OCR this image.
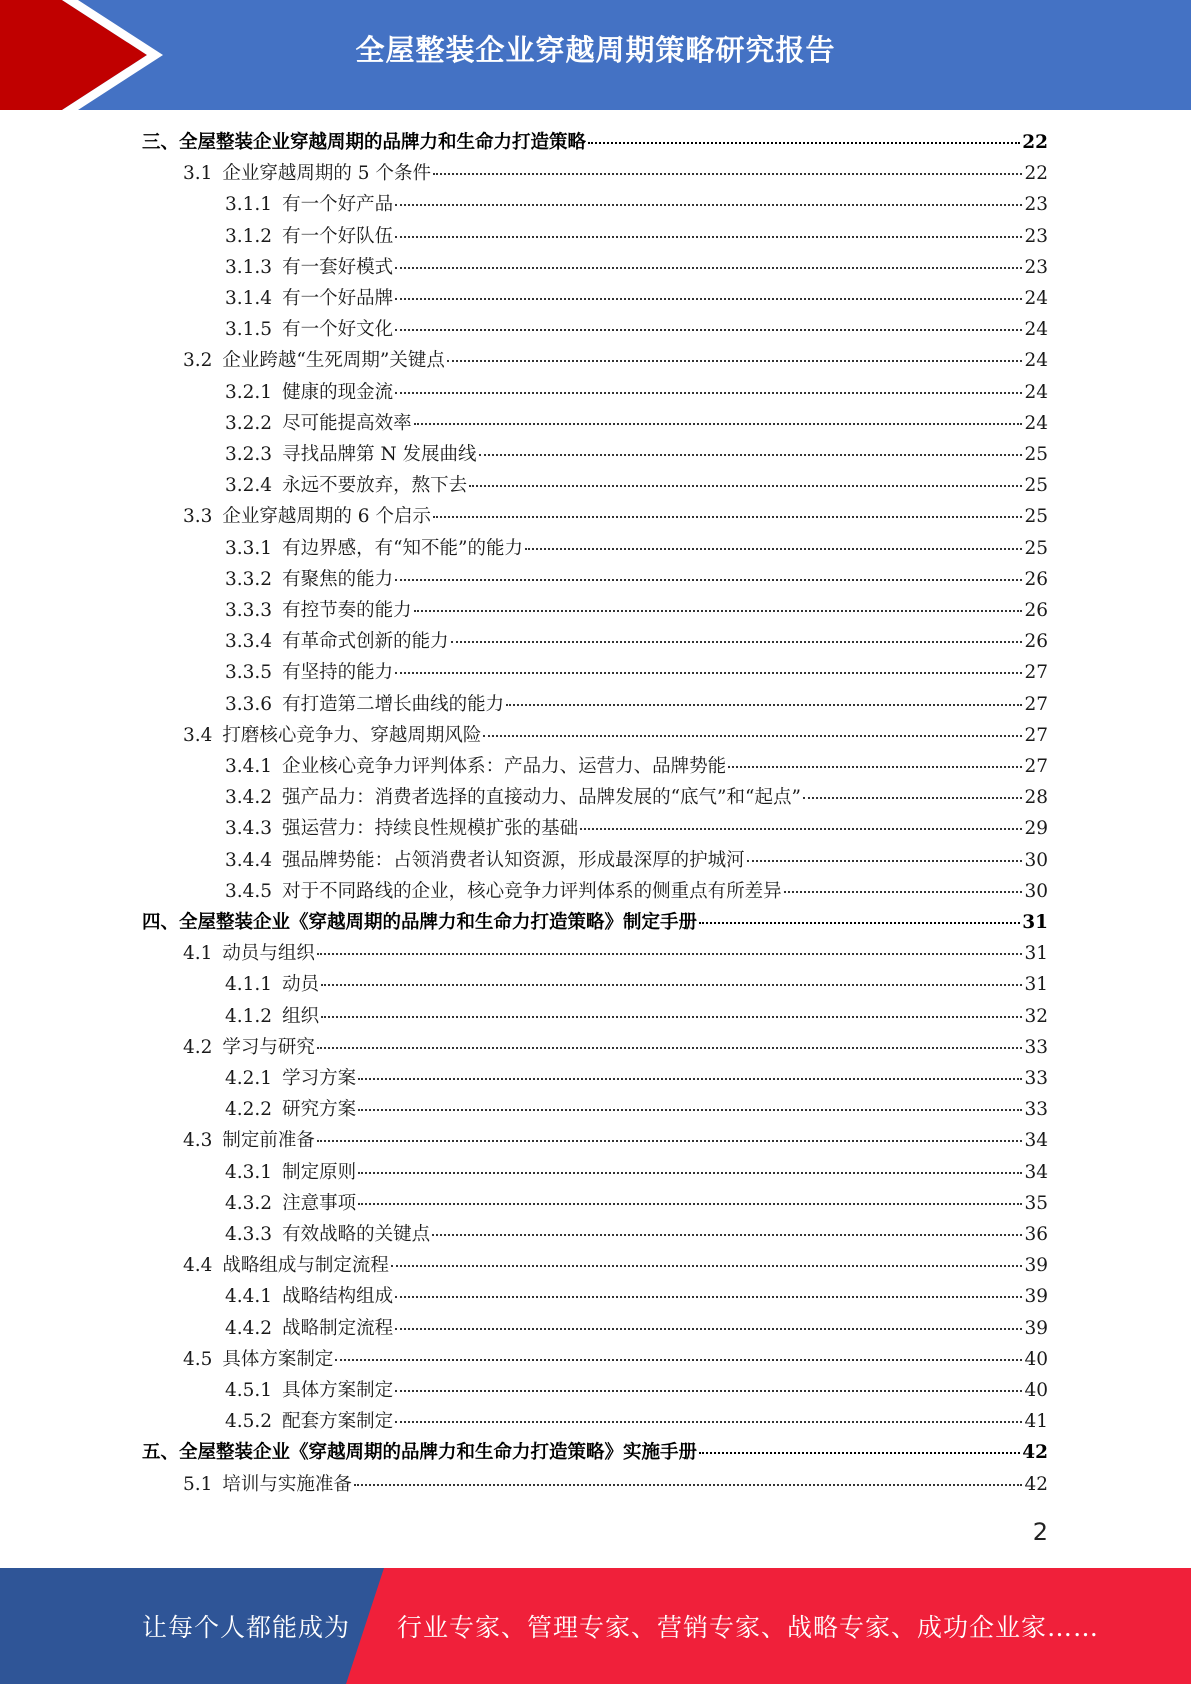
全屋整装企业穿越周期策略研究报告
三、 全屋整装企业穿越周期的品牌力和生命力打造策略	22
3.1 企业穿越周期的 5 个条件	22
3.1.1 有一个好产品	23
3.1.2 有一个好队伍	23
3.1.3 有一套好模式	23
3.1.4 有一个好品牌	24
3.1.5 有一个好文化	24
3.2 企业跨越“生死周期”关键点	24
3.2.1 健康的现金流	24
3.2.2 尽可能提高效率	24
3.2.3 寻找品牌第 N 发展曲线	25
3.2.4 永远不要放弃，熬下去	25
3.3 企业穿越周期的 6 个启示	25
3.3.1 有边界感，有“知不能”的能力	25
3.3.2 有聚焦的能力	26
3.3.3 有控节奏的能力	26
3.3.4 有革命式创新的能力	26
3.3.5 有坚持的能力	27
3.3.6 有打造第二增长曲线的能力	27
3.4 打磨核心竞争力、穿越周期风险	27
3.4.1 企业核心竞争力评判体系：产品力、运营力、品牌势能	27
3.4.2 强产品力：消费者选择的直接动力、品牌发展的“底气”和“起点”	28
3.4.3 强运营力：持续良性规模扩张的基础	29
3.4.4 强品牌势能：占领消费者认知资源，形成最深厚的护城河	30
3.4.5 对于不同路线的企业，核心竞争力评判体系的侧重点有所差异	30
四、 全屋整装企业《穿越周期的品牌力和生命力打造策略》制定手册	31
4.1 动员与组织	31
4.1.1 动员	31
4.1.2 组织	32
4.2 学习与研究	33
4.2.1 学习方案	33
4.2.2 研究方案	33
4.3 制定前准备	34
4.3.1 制定原则	34
4.3.2 注意事项	35
4.3.3 有效战略的关键点	36
4.4 战略组成与制定流程	39
4.4.1 战略结构组成	39
4.4.2 战略制定流程	39
4.5 具体方案制定	40
4.5.1 具体方案制定	40
4.5.2 配套方案制定	41
五、 全屋整装企业《穿越周期的品牌力和生命力打造策略》实施手册	42
5.1 培训与实施准备	42
2
让每个人都能成为 行业专家、管理专家、营销专家、战略专家、成功企业家……
